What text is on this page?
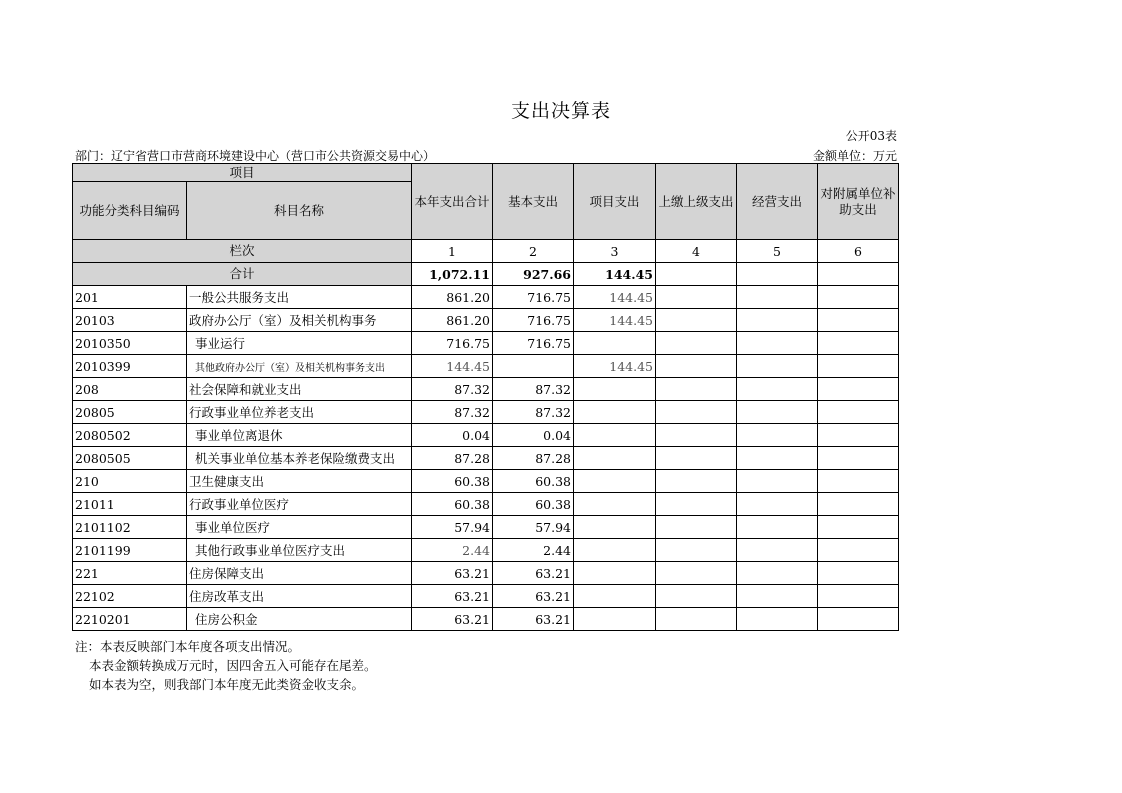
支出决算表
公开03表
部门：辽宁省营口市营商环境建设中心（营口市公共资源交易中心）	金额单位：万元
项目		本年支出合计	基本支出	项目支出	上缴上级支出	经营支出	对附属单位补助支出
功能分类科目编码	科目名称						
栏次		1	2	3	4	5	6
合计		1,072.11	927.66	144.45			
201	一般公共服务支出	861.20	716.75	144.45			
20103	政府办公厅（室）及相关机构事务	861.20	716.75	144.45			
2010350	事业运行	716.75	716.75				
2010399	其他政府办公厅（室）及相关机构事务支出	144.45		144.45			
208	社会保障和就业支出	87.32	87.32				
20805	行政事业单位养老支出	87.32	87.32				
2080502	事业单位离退休	0.04	0.04				
2080505	机关事业单位基本养老保险缴费支出	87.28	87.28				
210	卫生健康支出	60.38	60.38				
21011	行政事业单位医疗	60.38	60.38				
2101102	事业单位医疗	57.94	57.94				
2101199	其他行政事业单位医疗支出	2.44	2.44				
221	住房保障支出	63.21	63.21				
22102	住房改革支出	63.21	63.21				
2210201	住房公积金	63.21	63.21				
注：本表反映部门本年度各项支出情况。
本表金额转换成万元时，因四舍五入可能存在尾差。
如本表为空，则我部门本年度无此类资金收支余。
